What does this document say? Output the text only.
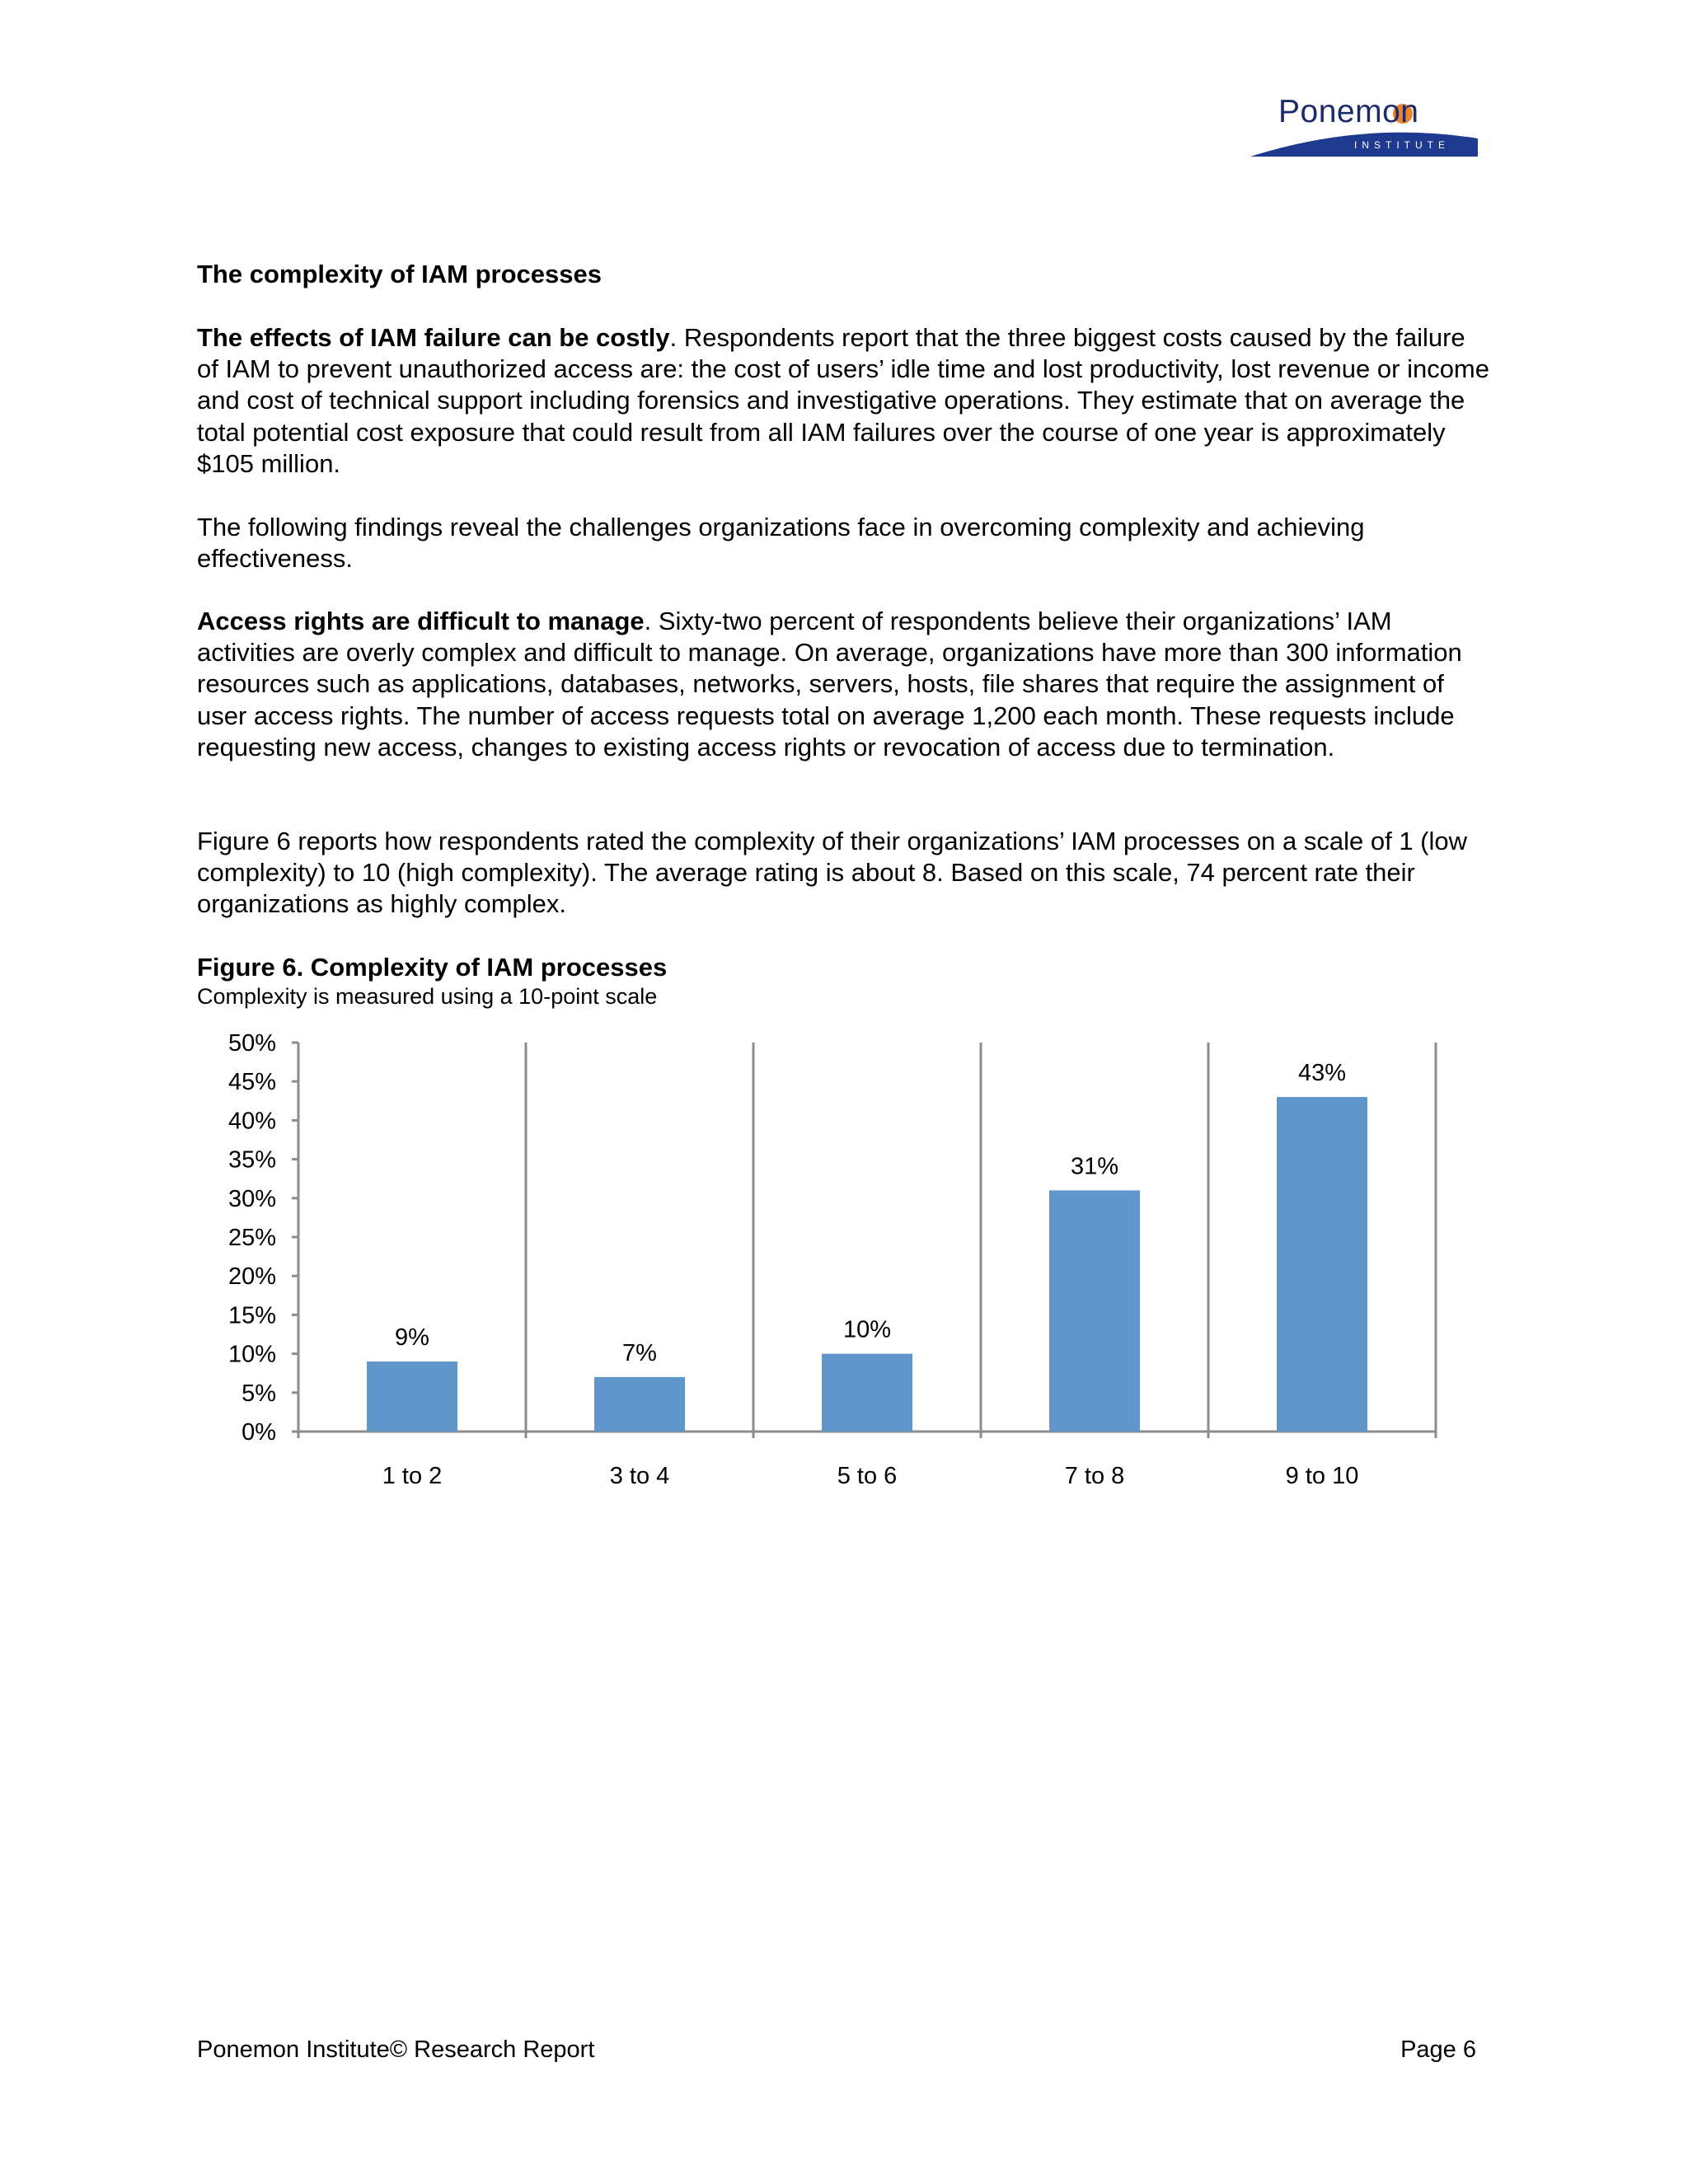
Ponemon
INSTITUTE
The complexity of IAM processes
The effects of IAM failure can be costly. Respondents report that the three biggest costs caused by the failure of IAM to prevent unauthorized access are: the cost of users’ idle time and lost productivity, lost revenue or income and cost of technical support including forensics and investigative operations. They estimate that on average the total potential cost exposure that could result from all IAM failures over the course of one year is approximately $105 million.
The following findings reveal the challenges organizations face in overcoming complexity and achieving effectiveness.
Access rights are difficult to manage. Sixty-two percent of respondents believe their organizations’ IAM activities are overly complex and difficult to manage. On average, organizations have more than 300 information resources such as applications, databases, networks, servers, hosts, file shares that require the assignment of user access rights. The number of access requests total on average 1,200 each month. These requests include requesting new access, changes to existing access rights or revocation of access due to termination.
Figure 6 reports how respondents rated the complexity of their organizations’ IAM processes on a scale of 1 (low complexity) to 10 (high complexity). The average rating is about 8. Based on this scale, 74 percent rate their organizations as highly complex.
Figure 6. Complexity of IAM processes
Complexity is measured using a 10-point scale
0%
5%
10%
15%
20%
25%
30%
35%
40%
45%
50%
9%
1 to 2
7%
3 to 4
10%
5 to 6
31%
7 to 8
43%
9 to 10
Ponemon Institute© Research Report	Page 6
